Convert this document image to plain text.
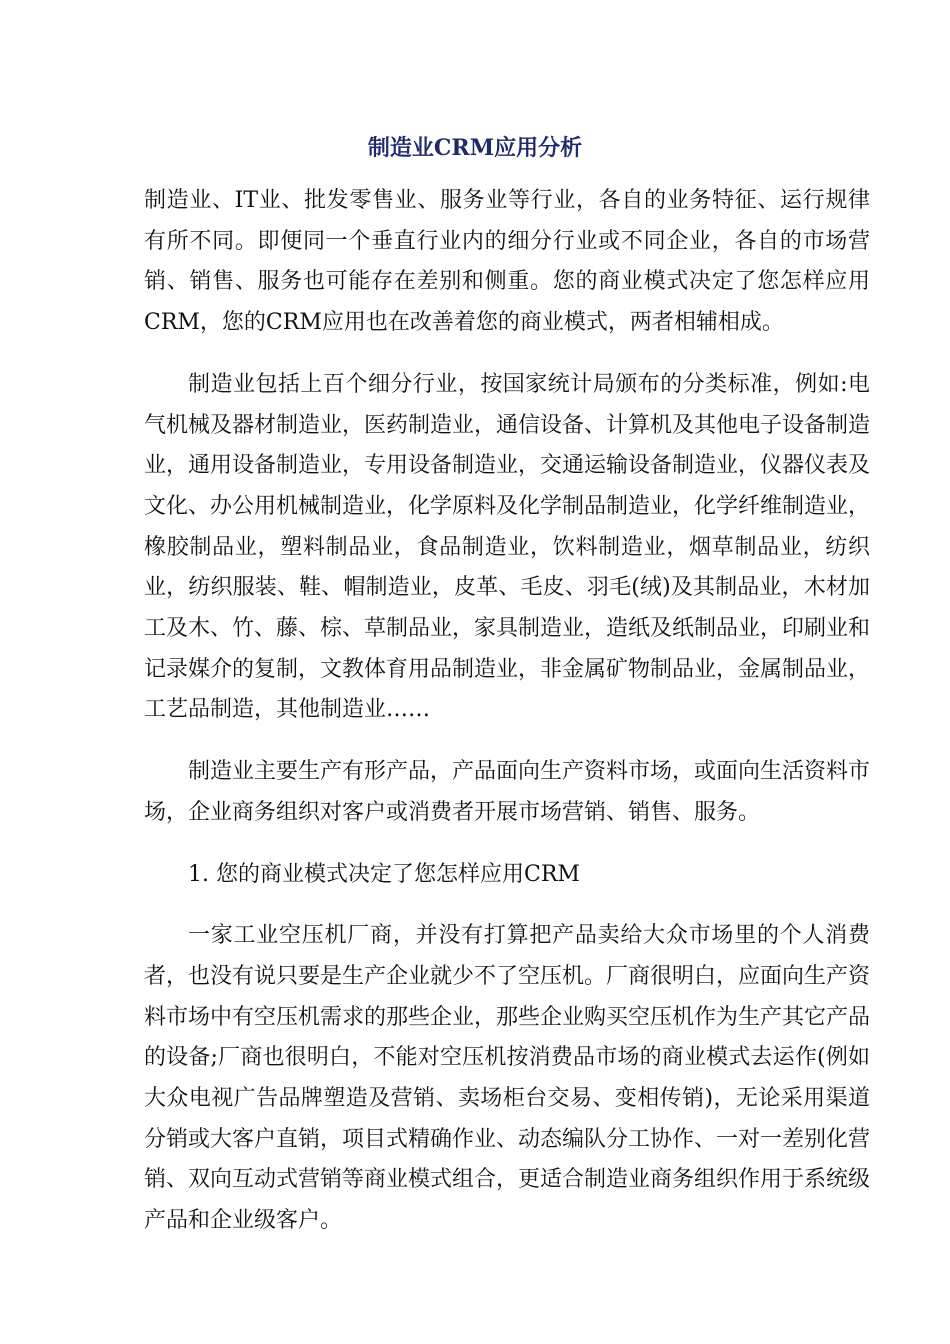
制造业CRM应用分析

制造业、IT业、批发零售业、服务业等行业，各自的业务特征、运行规律有所不同。即便同一个垂直行业内的细分行业或不同企业，各自的市场营销、销售、服务也可能存在差别和侧重。您的商业模式决定了您怎样应用CRM，您的CRM应用也在改善着您的商业模式，两者相辅相成。

制造业包括上百个细分行业，按国家统计局颁布的分类标准，例如:电气机械及器材制造业，医药制造业，通信设备、计算机及其他电子设备制造业，通用设备制造业，专用设备制造业，交通运输设备制造业，仪器仪表及文化、办公用机械制造业，化学原料及化学制品制造业，化学纤维制造业，橡胶制品业，塑料制品业，食品制造业，饮料制造业，烟草制品业，纺织业，纺织服装、鞋、帽制造业，皮革、毛皮、羽毛(绒)及其制品业，木材加工及木、竹、藤、棕、草制品业，家具制造业，造纸及纸制品业，印刷业和记录媒介的复制，文教体育用品制造业，非金属矿物制品业，金属制品业，工艺品制造，其他制造业……

制造业主要生产有形产品，产品面向生产资料市场，或面向生活资料市场，企业商务组织对客户或消费者开展市场营销、销售、服务。

1. 您的商业模式决定了您怎样应用CRM

一家工业空压机厂商，并没有打算把产品卖给大众市场里的个人消费者，也没有说只要是生产企业就少不了空压机。厂商很明白，应面向生产资料市场中有空压机需求的那些企业，那些企业购买空压机作为生产其它产品的设备;厂商也很明白，不能对空压机按消费品市场的商业模式去运作(例如大众电视广告品牌塑造及营销、卖场柜台交易、变相传销)，无论采用渠道分销或大客户直销，项目式精确作业、动态编队分工协作、一对一差别化营销、双向互动式营销等商业模式组合，更适合制造业商务组织作用于系统级产品和企业级客户。
